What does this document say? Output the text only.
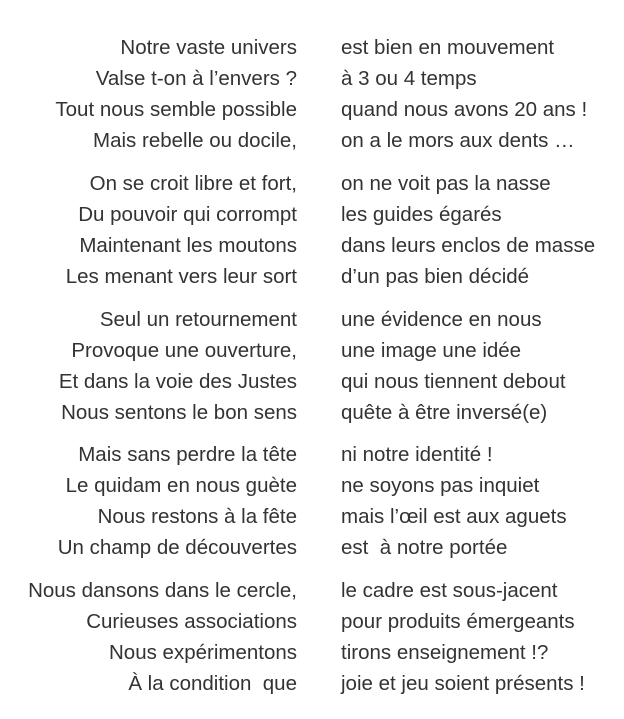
Notre vaste univers est bien en mouvement
Valse t-on à l’envers ? à 3 ou 4 temps
Tout nous semble possible quand nous avons 20 ans !
Mais rebelle ou docile, on a le mors aux dents …
On se croit libre et fort, on ne voit pas la nasse
Du pouvoir qui corrompt les guides égarés
Maintenant les moutons dans leurs enclos de masse
Les menant vers leur sort d’un pas bien décidé
Seul un retournement une évidence en nous
Provoque une ouverture, une image une idée
Et dans la voie des Justes qui nous tiennent debout
Nous sentons le bon sens quête à être inversé(e)
Mais sans perdre la tête ni notre identité !
Le quidam en nous guète ne soyons pas inquiet
Nous restons à la fête mais l’œil est aux aguets
Un champ de découvertes est  à notre portée
Nous dansons dans le cercle, le cadre est sous-jacent
Curieuses associations pour produits émergeants
Nous expérimentons tirons enseignement !?
À la condition  que joie et jeu soient présents !
